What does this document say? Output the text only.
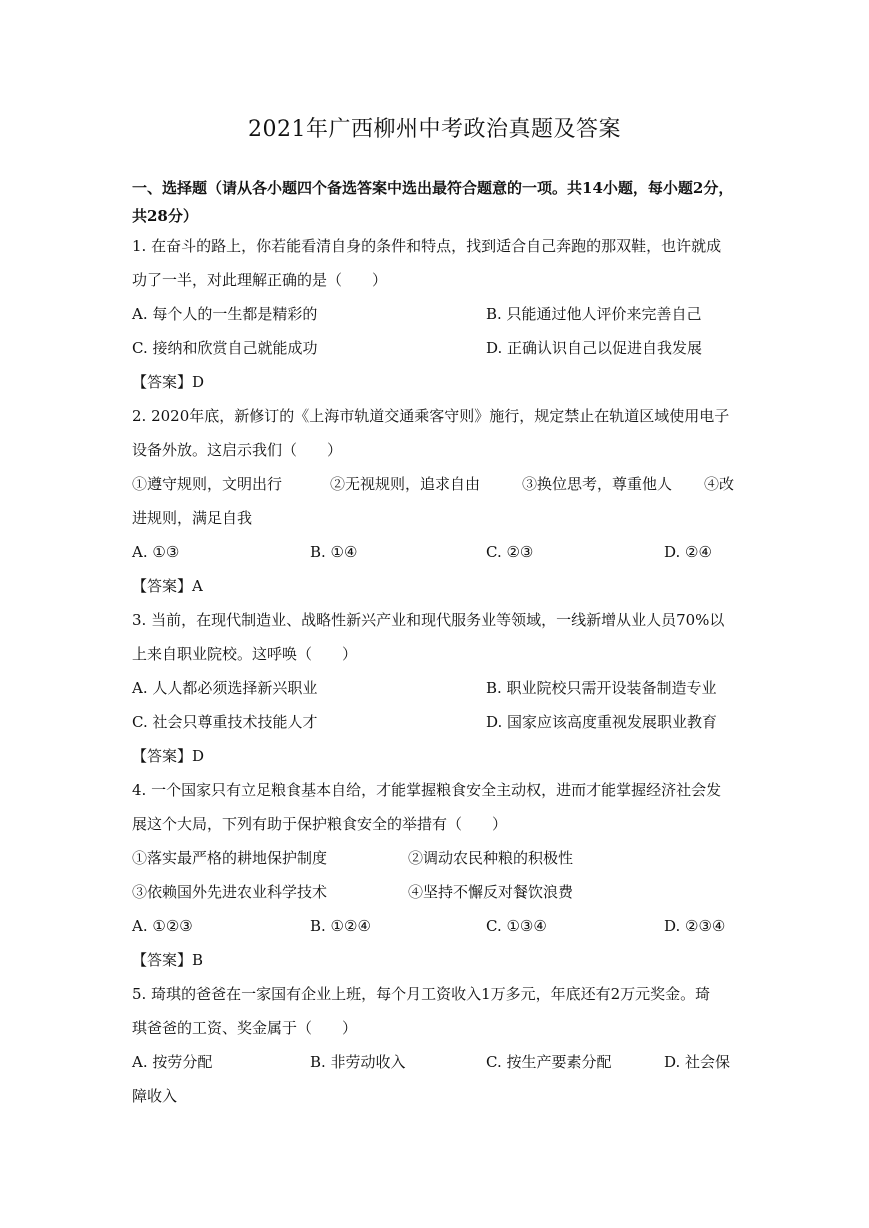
2021年广西柳州中考政治真题及答案
一、选择题（请从各小题四个备选答案中选出最符合题意的一项。共14小题，每小题2分，
共28分）
1. 在奋斗的路上，你若能看清自身的条件和特点，找到适合自己奔跑的那双鞋，也许就成
功了一半，对此理解正确的是（　　）
A. 每个人的一生都是精彩的	B. 只能通过他人评价来完善自己
C. 接纳和欣赏自己就能成功	D. 正确认识自己以促进自我发展
【答案】D
2. 2020年底，新修订的《上海市轨道交通乘客守则》施行，规定禁止在轨道区域使用电子
设备外放。这启示我们（　　）
①遵守规则，文明出行	②无视规则，追求自由	③换位思考，尊重他人 ④改
进规则，满足自我
A. ①③	B. ①④	C. ②③	D. ②④
【答案】A
3. 当前，在现代制造业、战略性新兴产业和现代服务业等领域，一线新增从业人员70%以
上来自职业院校。这呼唤（　　）
A. 人人都必须选择新兴职业	B. 职业院校只需开设装备制造专业
C. 社会只尊重技术技能人才	D. 国家应该高度重视发展职业教育
【答案】D
4. 一个国家只有立足粮食基本自给，才能掌握粮食安全主动权，进而才能掌握经济社会发
展这个大局，下列有助于保护粮食安全的举措有（　　）
①落实最严格的耕地保护制度	②调动农民种粮的积极性
③依赖国外先进农业科学技术	④坚持不懈反对餐饮浪费
A. ①②③	B. ①②④	C. ①③④	D. ②③④
【答案】B
5. 琦琪的爸爸在一家国有企业上班，每个月工资收入1万多元，年底还有2万元奖金。琦
琪爸爸的工资、奖金属于（　　）
A. 按劳分配	B. 非劳动收入	C. 按生产要素分配	D. 社会保
障收入
